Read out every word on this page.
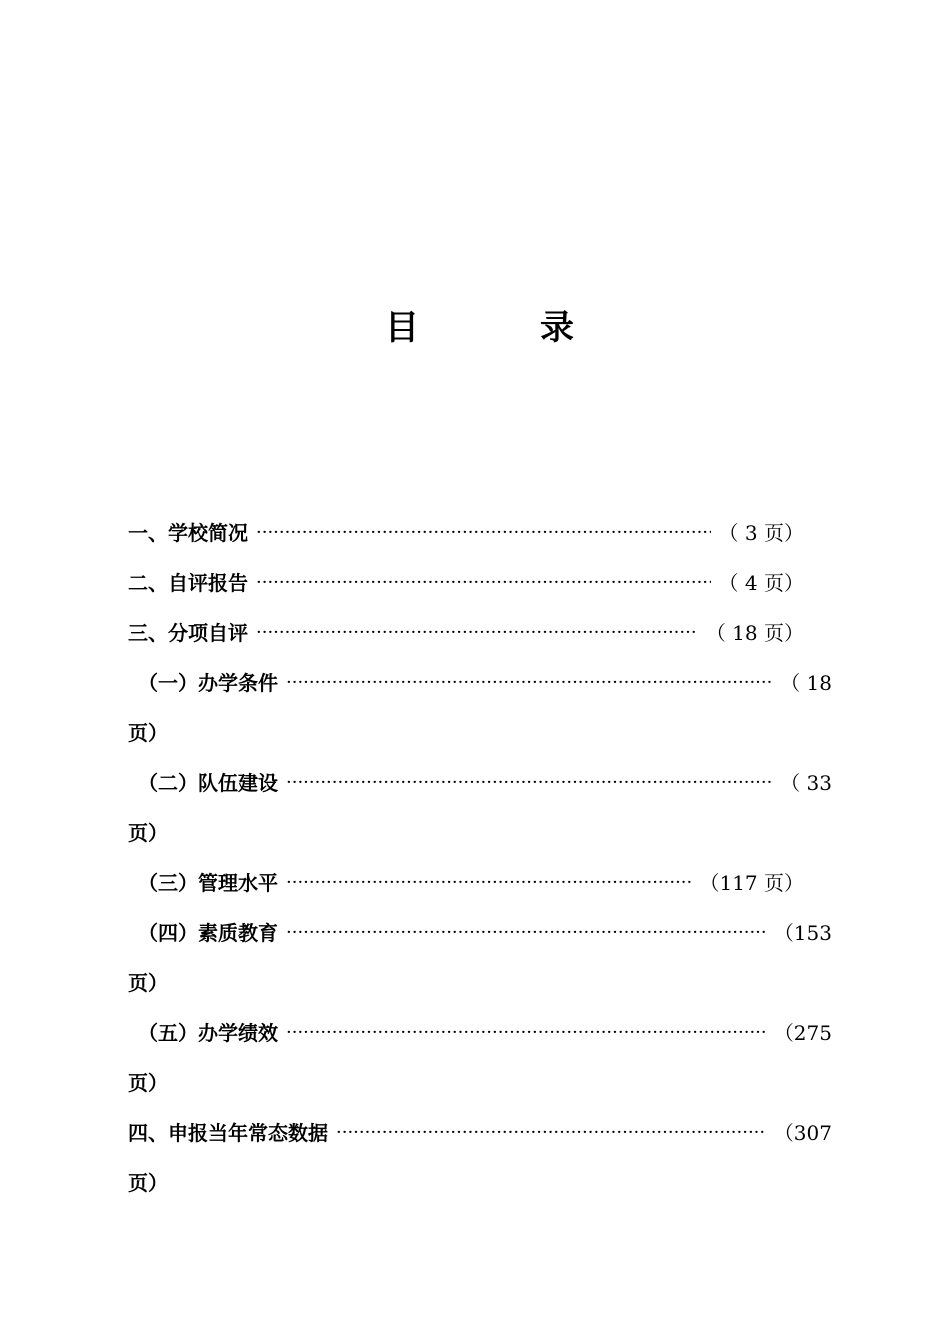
目	录
一、学校简况 ·····	（ 3 页）
二、自评报告 ·····	（ 4 页）
三、分项自评 ·····	（ 18 页）
（一）办学条件 ·····	（ 18
页）
（二）队伍建设 ·····	（ 33
页）
（三）管理水平 ·····	（117 页）
（四）素质教育 ·····	（153
页）
（五）办学绩效 ·····	（275
页）
四、申报当年常态数据 ·····	（307
页）
